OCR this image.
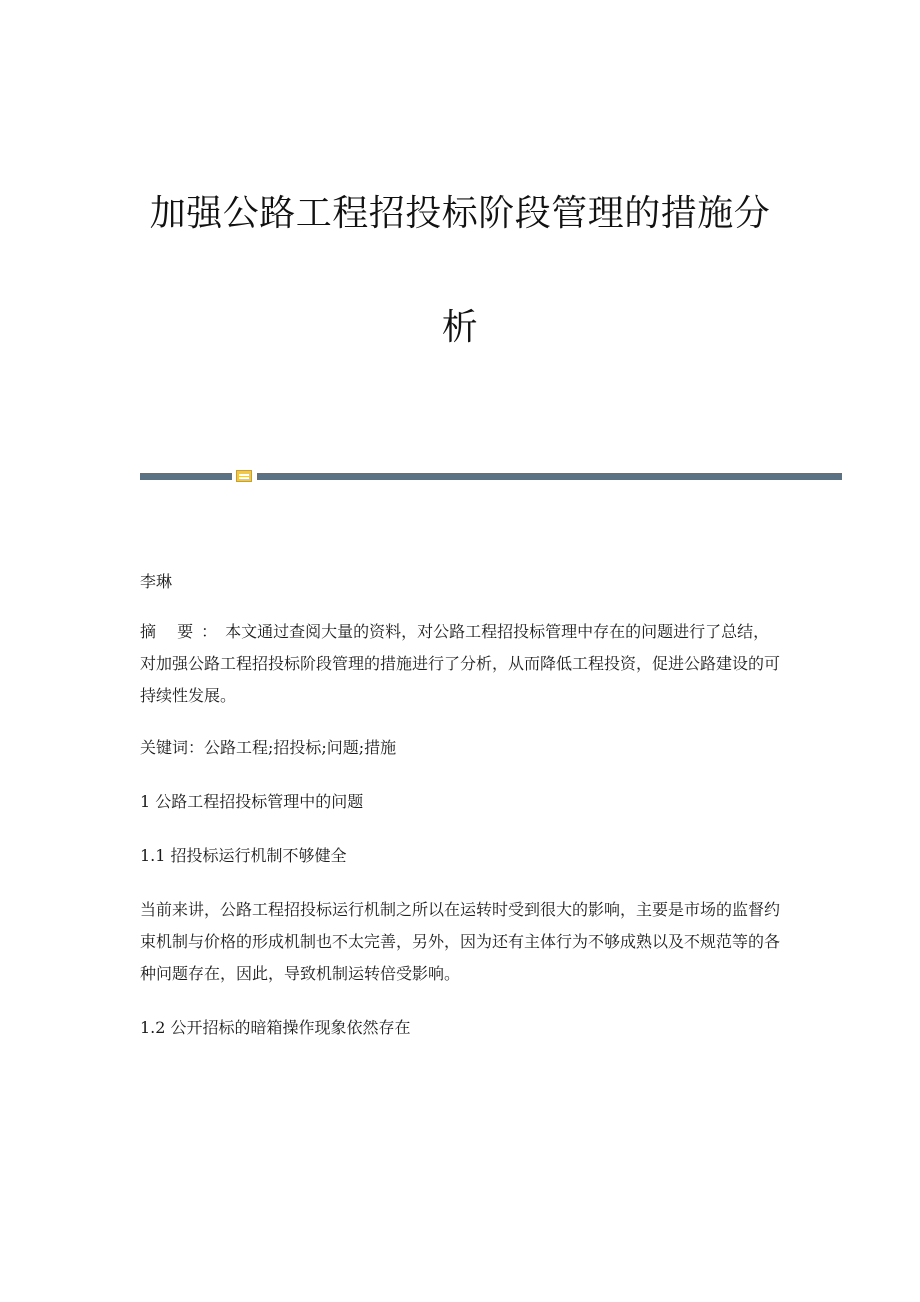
加强公路工程招投标阶段管理的措施分
析

李琳

摘 要：本文通过查阅大量的资料，对公路工程招投标管理中存在的问题进行了总结，对加强公路工程招投标阶段管理的措施进行了分析，从而降低工程投资，促进公路建设的可持续性发展。

关键词：公路工程;招投标;问题;措施

1 公路工程招投标管理中的问题

1.1 招投标运行机制不够健全

当前来讲，公路工程招投标运行机制之所以在运转时受到很大的影响，主要是市场的监督约束机制与价格的形成机制也不太完善，另外，因为还有主体行为不够成熟以及不规范等的各种问题存在，因此，导致机制运转倍受影响。

1.2 公开招标的暗箱操作现象依然存在
